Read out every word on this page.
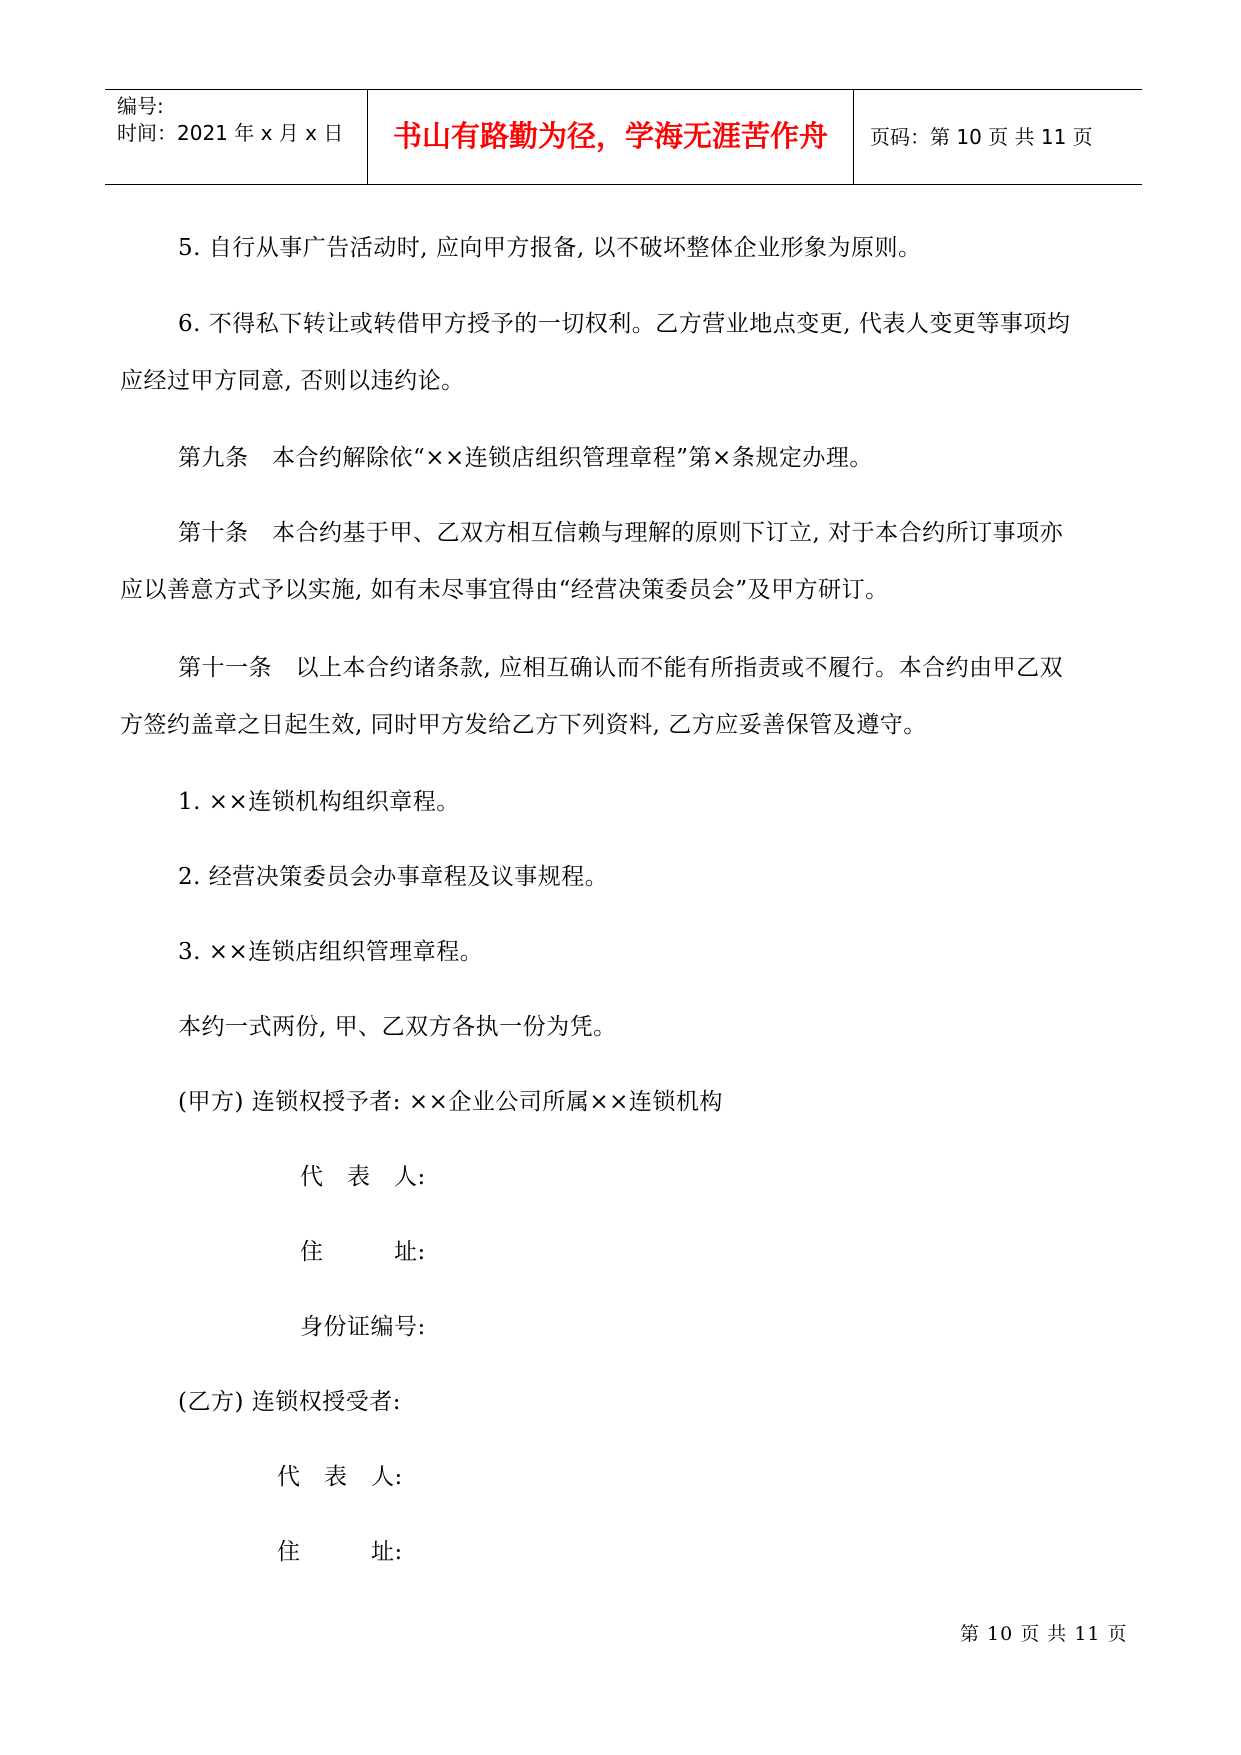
编号:
时间：2021 年 x 月 x 日	书山有路勤为径，学海无涯苦作舟	页码：第 10 页 共 11 页
5. 自行从事广告活动时, 应向甲方报备, 以不破坏整体企业形象为原则。
6. 不得私下转让或转借甲方授予的一切权利。乙方营业地点变更, 代表人变更等事项均
应经过甲方同意, 否则以违约论。
第九条　本合约解除依“××连锁店组织管理章程”第×条规定办理。
第十条　本合约基于甲、乙双方相互信赖与理解的原则下订立, 对于本合约所订事项亦
应以善意方式予以实施, 如有未尽事宜得由“经营决策委员会”及甲方研订。
第十一条　以上本合约诸条款, 应相互确认而不能有所指责或不履行。本合约由甲乙双
方签约盖章之日起生效, 同时甲方发给乙方下列资料, 乙方应妥善保管及遵守。
1. ××连锁机构组织章程。
2. 经营决策委员会办事章程及议事规程。
3. ××连锁店组织管理章程。
本约一式两份, 甲、乙双方各执一份为凭。
(甲方) 连锁权授予者: ××企业公司所属××连锁机构
代　表　人:
住　　　址:
身份证编号:
(乙方) 连锁权授受者:
代　表　人:
住　　　址:
第 10 页 共 11 页
